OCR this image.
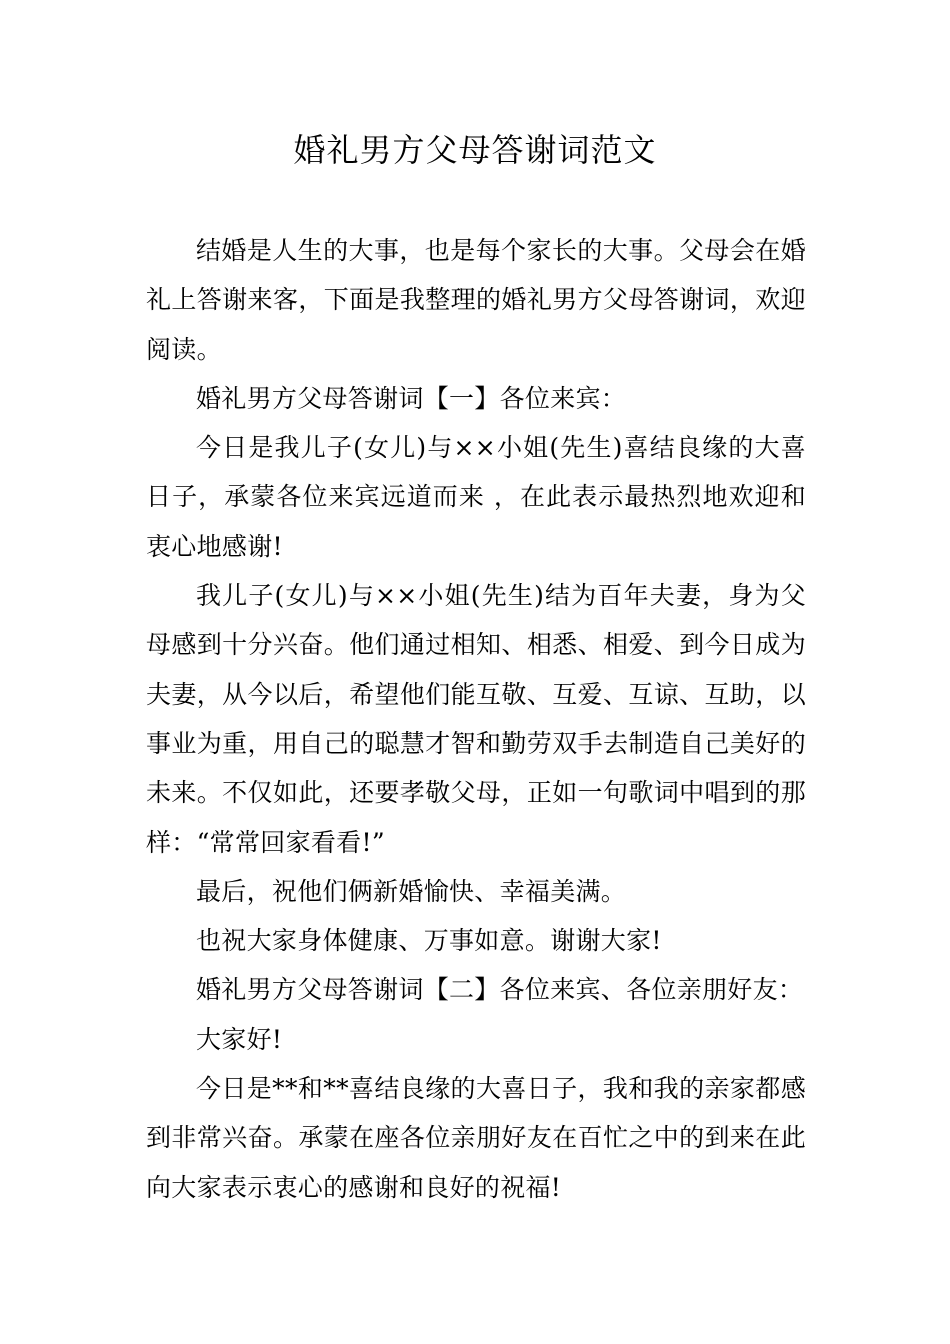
婚礼男方父母答谢词范文

结婚是人生的大事，也是每个家长的大事。父母会在婚礼上答谢来客，下面是我整理的婚礼男方父母答谢词，欢迎阅读。

婚礼男方父母答谢词【一】各位来宾：

今日是我儿子(女儿)与××小姐(先生)喜结良缘的大喜日子，承蒙各位来宾远道而来 ，在此表示最热烈地欢迎和衷心地感谢!

我儿子(女儿)与××小姐(先生)结为百年夫妻，身为父母感到十分兴奋。他们通过相知、相悉、相爱、到今日成为夫妻，从今以后，希望他们能互敬、互爱、互谅、互助，以事业为重，用自己的聪慧才智和勤劳双手去制造自己美好的未来。不仅如此，还要孝敬父母，正如一句歌词中唱到的那样：“常常回家看看!”

最后，祝他们俩新婚愉快、幸福美满。

也祝大家身体健康、万事如意。谢谢大家!

婚礼男方父母答谢词【二】各位来宾、各位亲朋好友：

大家好!

今日是**和**喜结良缘的大喜日子，我和我的亲家都感到非常兴奋。承蒙在座各位亲朋好友在百忙之中的到来在此向大家表示衷心的感谢和良好的祝福!
